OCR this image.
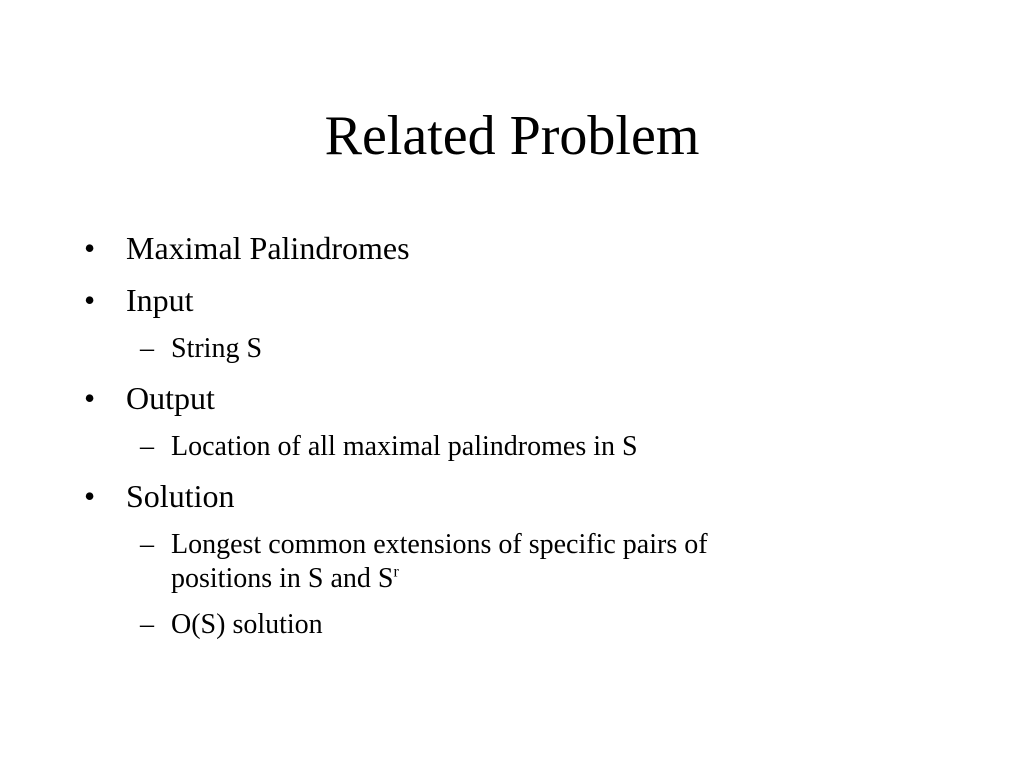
Related Problem
• Maximal Palindromes
• Input
– String S
• Output
– Location of all maximal palindromes in S
• Solution
– Longest common extensions of specific pairs of
positions in S and $S^r$
– O(S) solution
